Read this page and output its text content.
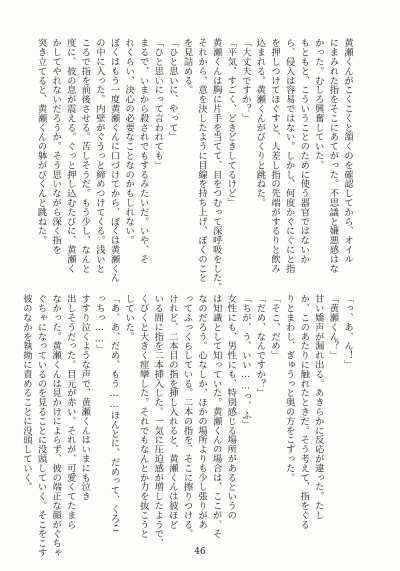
黄瀬くんがこくこくと頷くのを確認してから、オイル

にまみれた指をそこにあてがった。不思議と嫌悪感はな

かった。むしろ興奮していた。

もともと、こういうことのために使う器官ではないか

ら、侵入は容易ではない。しかし、何度かぐにぐにと指

を押しつけてほぐすと、人差し指の先端がするりと飲み

込まれる。黄瀬くんがびくりと跳ねた。

「大丈夫ですか？」

「平気、すごく、どきどきしてるけど」

黄瀬くんは胸に片手を当てて、目をつむって深呼吸をした。

それから、意を決したように目線を持ち上げ、ぼくのこと

を見詰める。

「ひと思いに、やって」

「ひと思いにって言われても」

まるで、いまから殺されでもするみたいだ。いや、そ

れくらい、決心の必要なことなのかもしれない。

ぼくはもう一度黄瀬くんに口づけてから、ぼくは黄瀬くん

の中に入った。内壁がぐうっと締めつけてくる。浅いと

ころで指を前後させる。苦しそうだ。もう少し、なんと

度に、彼の息が震える。ぐっと押し込むたびに、黄瀬く

かしてやれないだろうか。そう思いながら深く指を

突き立てると、黄瀬くんの躰がびくんと跳ねた。

「っ、あ、ん！」

「黄瀬くん？」

甘い嬌声が漏れ出る。あきらかに反応が違った。たし

か、このあたりに触れたときだ。そう考えて、指をぐる

りとまわし、ぎゅうっと奥の方をこすった。

「そこ、だめ」

「だめ、なんですか？」

「ちが、う、いい……っ、ふ」

女性にも、男性にも、特別感じる場所があるというの

は知識として知っていた。黄瀬くんの場合は、ここが、そ

なのだろう。心なしか、ほかの場所よりも少し張りがあ

ってふっくらしている。二本の指を、そこに擦りつける。

けれど、二本目の指を挿し入れると、黄瀬くんは彼ほど

いる間に指を二本挿入した。一気に圧迫感が増したようで、

くびくと大きく痙攣した。それでもなんとか力を抜こうと

していた。

「あ、あ、だめ、もう……ほんとに、だめって、くろこ

っちっ……」

すすり泣くような声で、黄瀬くんはいまにも泣き

出しそうだった。目元が赤い。それが、可愛くてたまら

なかった。黄瀬くんは見かけによらず、彼の端正な顔がぐちゃ

ぐちゃになっているのを見ることに没頭していく。そこをこす

彼のなかを執拗に責めることに没頭していく。

46
